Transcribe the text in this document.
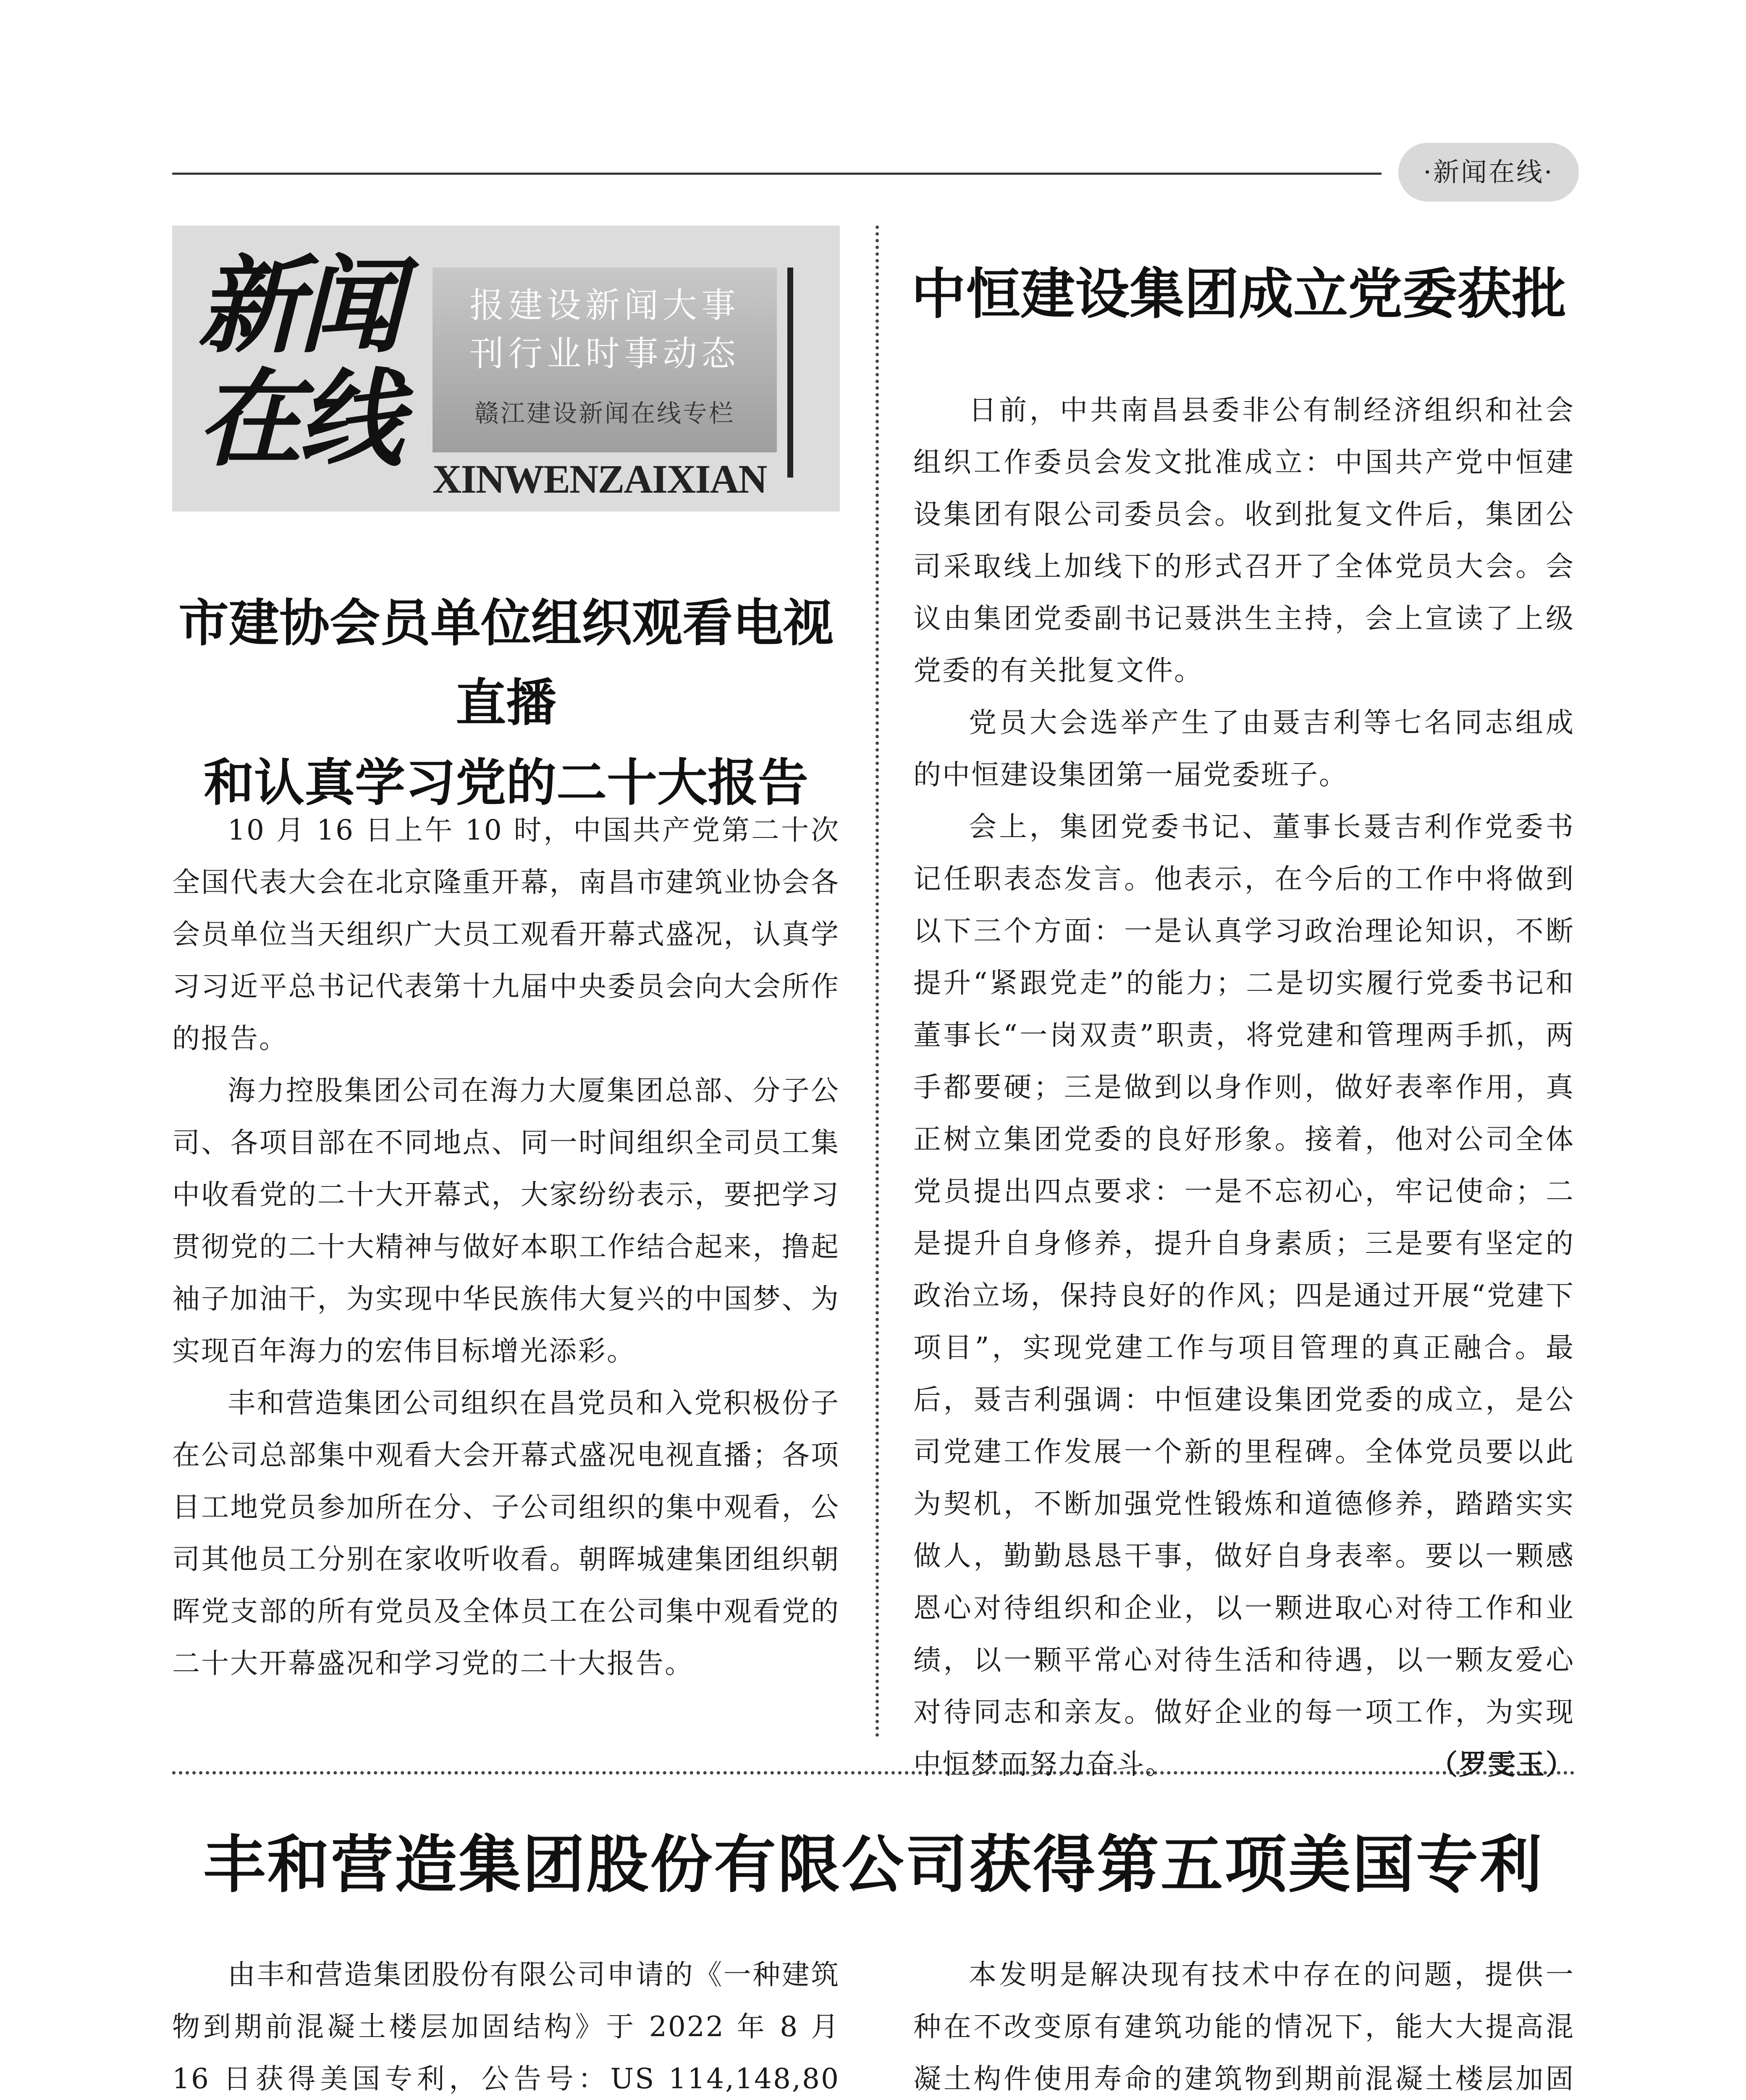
·新闻在线·
新闻
在线
报建设新闻大事
刊行业时事动态
赣江建设新闻在线专栏
XINWENZAIXIAN
市建协会员单位组织观看电视直播
和认真学习党的二十大报告

10 月 16 日上午 10 时，中国共产党第二十次全国代表大会在北京隆重开幕，南昌市建筑业协会各会员单位当天组织广大员工观看开幕式盛况，认真学习习近平总书记代表第十九届中央委员会向大会所作的报告。

海力控股集团公司在海力大厦集团总部、分子公司、各项目部在不同地点、同一时间组织全司员工集中收看党的二十大开幕式，大家纷纷表示，要把学习贯彻党的二十大精神与做好本职工作结合起来，撸起袖子加油干，为实现中华民族伟大复兴的中国梦、为实现百年海力的宏伟目标增光添彩。

丰和营造集团公司组织在昌党员和入党积极份子在公司总部集中观看大会开幕式盛况电视直播；各项目工地党员参加所在分、子公司组织的集中观看，公司其他员工分别在家收听收看。朝晖城建集团组织朝晖党支部的所有党员及全体员工在公司集中观看党的二十大开幕盛况和学习党的二十大报告。

中恒建设集团成立党委获批

日前，中共南昌县委非公有制经济组织和社会组织工作委员会发文批准成立：中国共产党中恒建设集团有限公司委员会。收到批复文件后，集团公司采取线上加线下的形式召开了全体党员大会。会议由集团党委副书记聂洪生主持，会上宣读了上级党委的有关批复文件。

党员大会选举产生了由聂吉利等七名同志组成的中恒建设集团第一届党委班子。

会上，集团党委书记、董事长聂吉利作党委书记任职表态发言。他表示，在今后的工作中将做到以下三个方面：一是认真学习政治理论知识，不断提升“紧跟党走”的能力；二是切实履行党委书记和董事长“一岗双责”职责，将党建和管理两手抓，两手都要硬；三是做到以身作则，做好表率作用，真正树立集团党委的良好形象。接着，他对公司全体党员提出四点要求：一是不忘初心，牢记使命；二是提升自身修养，提升自身素质；三是要有坚定的政治立场，保持良好的作风；四是通过开展“党建下项目”，实现党建工作与项目管理的真正融合。最后，聂吉利强调：中恒建设集团党委的成立，是公司党建工作发展一个新的里程碑。全体党员要以此为契机，不断加强党性锻炼和道德修养，踏踏实实做人，勤勤恳恳干事，做好自身表率。要以一颗感恩心对待组织和企业，以一颗进取心对待工作和业绩，以一颗平常心对待生活和待遇，以一颗友爱心对待同志和亲友。做好企业的每一项工作，为实现中恒梦而努力奋斗。	（罗雯玉）

丰和营造集团股份有限公司获得第五项美国专利

由丰和营造集团股份有限公司申请的《一种建筑物到期前混凝土楼层加固结构》于 2022 年 8 月 16 日获得美国专利，公告号：US 114,148,80

本发明是解决现有技术中存在的问题，提供一种在不改变原有建筑功能的情况下，能大大提高混凝土构件使用寿命的建筑物到期前混凝土楼层加固
